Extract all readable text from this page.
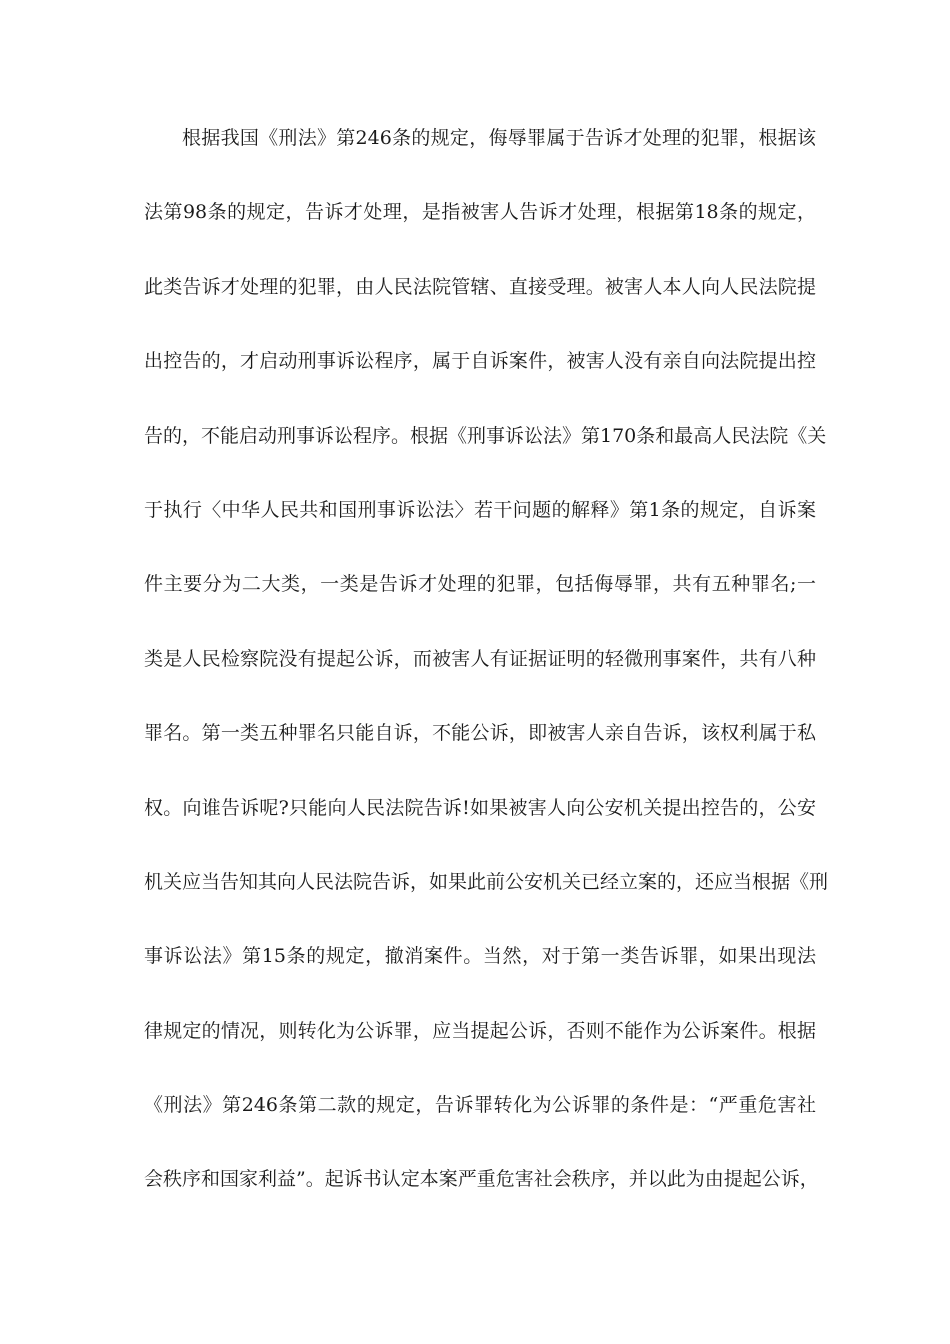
根据我国《刑法》第246条的规定，侮辱罪属于告诉才处理的犯罪，根据该
法第98条的规定，告诉才处理，是指被害人告诉才处理，根据第18条的规定，
此类告诉才处理的犯罪，由人民法院管辖、直接受理。被害人本人向人民法院提
出控告的，才启动刑事诉讼程序，属于自诉案件，被害人没有亲自向法院提出控
告的，不能启动刑事诉讼程序。根据《刑事诉讼法》第170条和最高人民法院《关
于执行〈中华人民共和国刑事诉讼法〉若干问题的解释》第1条的规定，自诉案
件主要分为二大类，一类是告诉才处理的犯罪，包括侮辱罪，共有五种罪名;一
类是人民检察院没有提起公诉，而被害人有证据证明的轻微刑事案件，共有八种
罪名。第一类五种罪名只能自诉，不能公诉，即被害人亲自告诉，该权利属于私
权。向谁告诉呢?只能向人民法院告诉!如果被害人向公安机关提出控告的，公安
机关应当告知其向人民法院告诉，如果此前公安机关已经立案的，还应当根据《刑
事诉讼法》第15条的规定，撤消案件。当然，对于第一类告诉罪，如果出现法
律规定的情况，则转化为公诉罪，应当提起公诉，否则不能作为公诉案件。根据
《刑法》第246条第二款的规定，告诉罪转化为公诉罪的条件是：“严重危害社
会秩序和国家利益”。起诉书认定本案严重危害社会秩序，并以此为由提起公诉，
